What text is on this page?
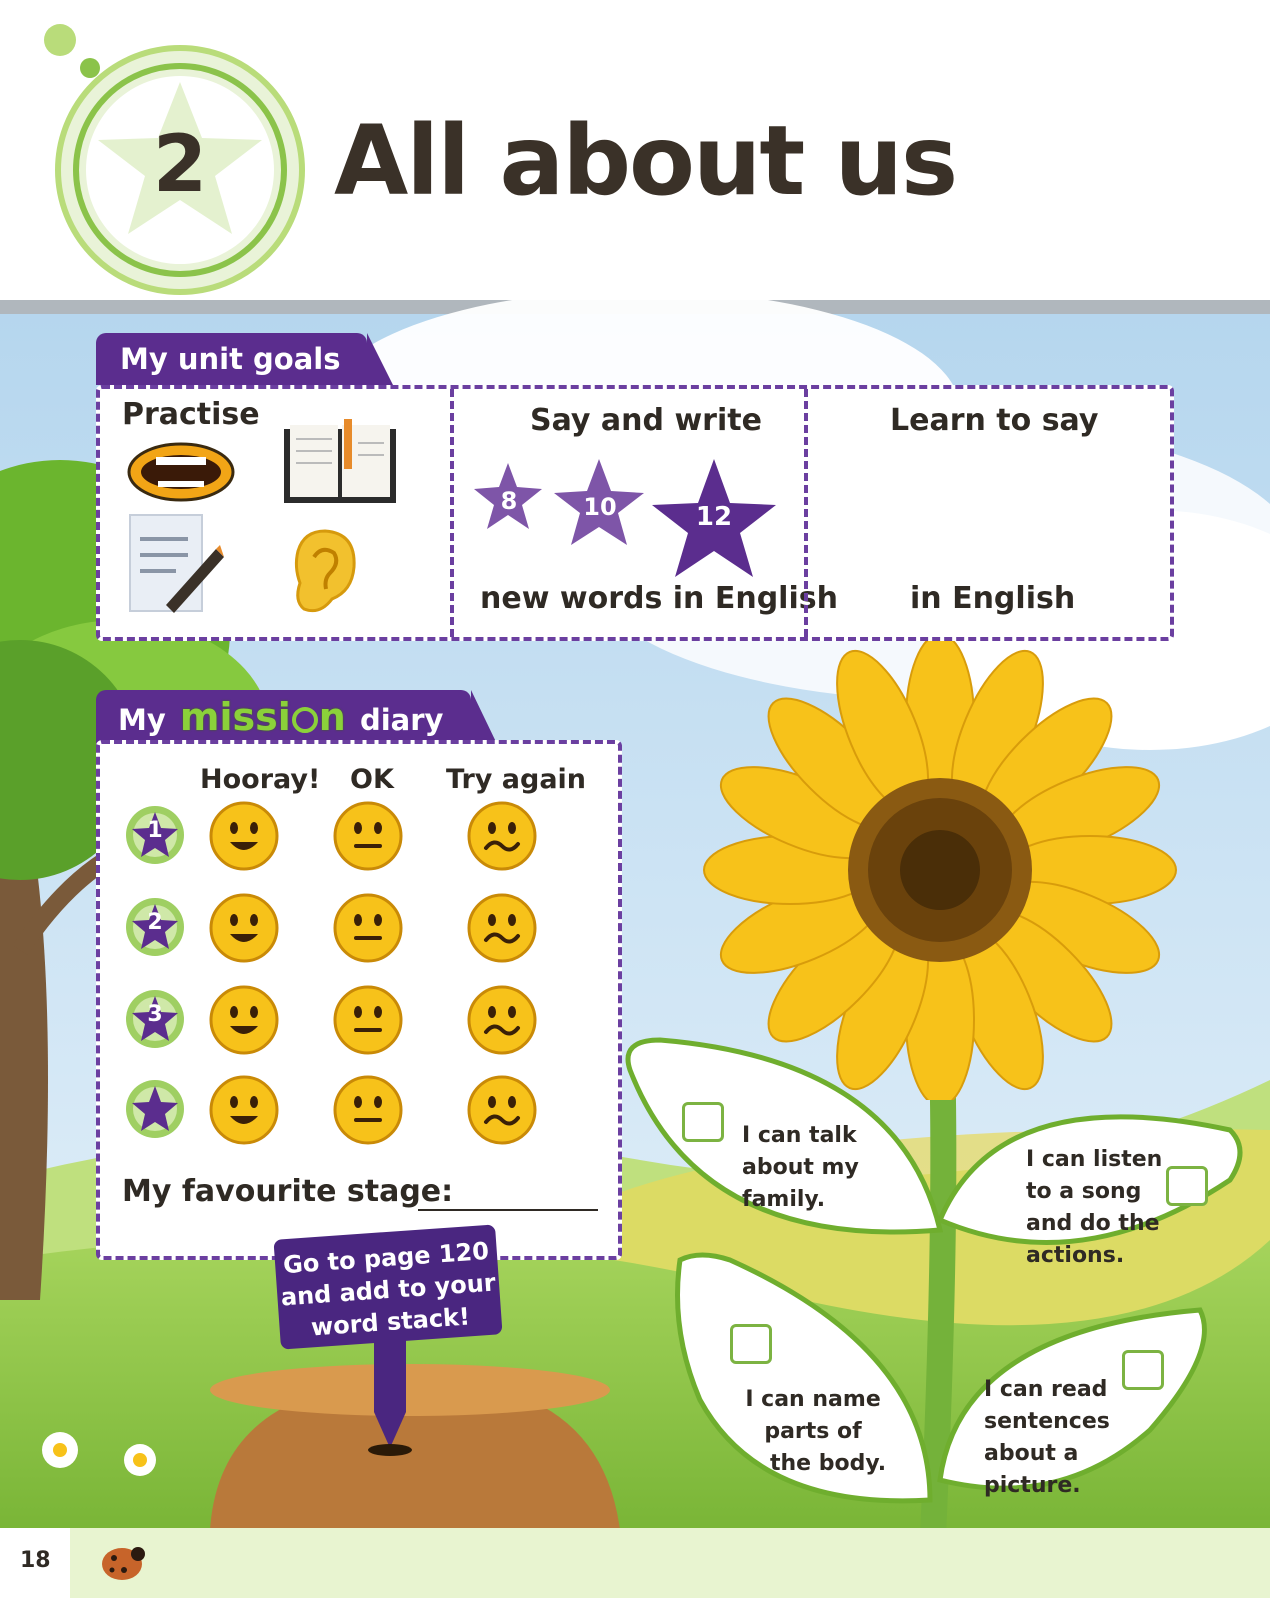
2 All about us
My unit goals
Practise	Say and write
8	10	12
new words in English
Learn to say
in English
My missi n diary
Hooray! OK Try again
1
2
3
My favourite stage:
Go to page 120
and add to your
word stack!
I can talk
about my
family.
I can listen
to a song
and do the
actions.
I can name
parts of
the body.
I can read
sentences
about a
picture.
18
